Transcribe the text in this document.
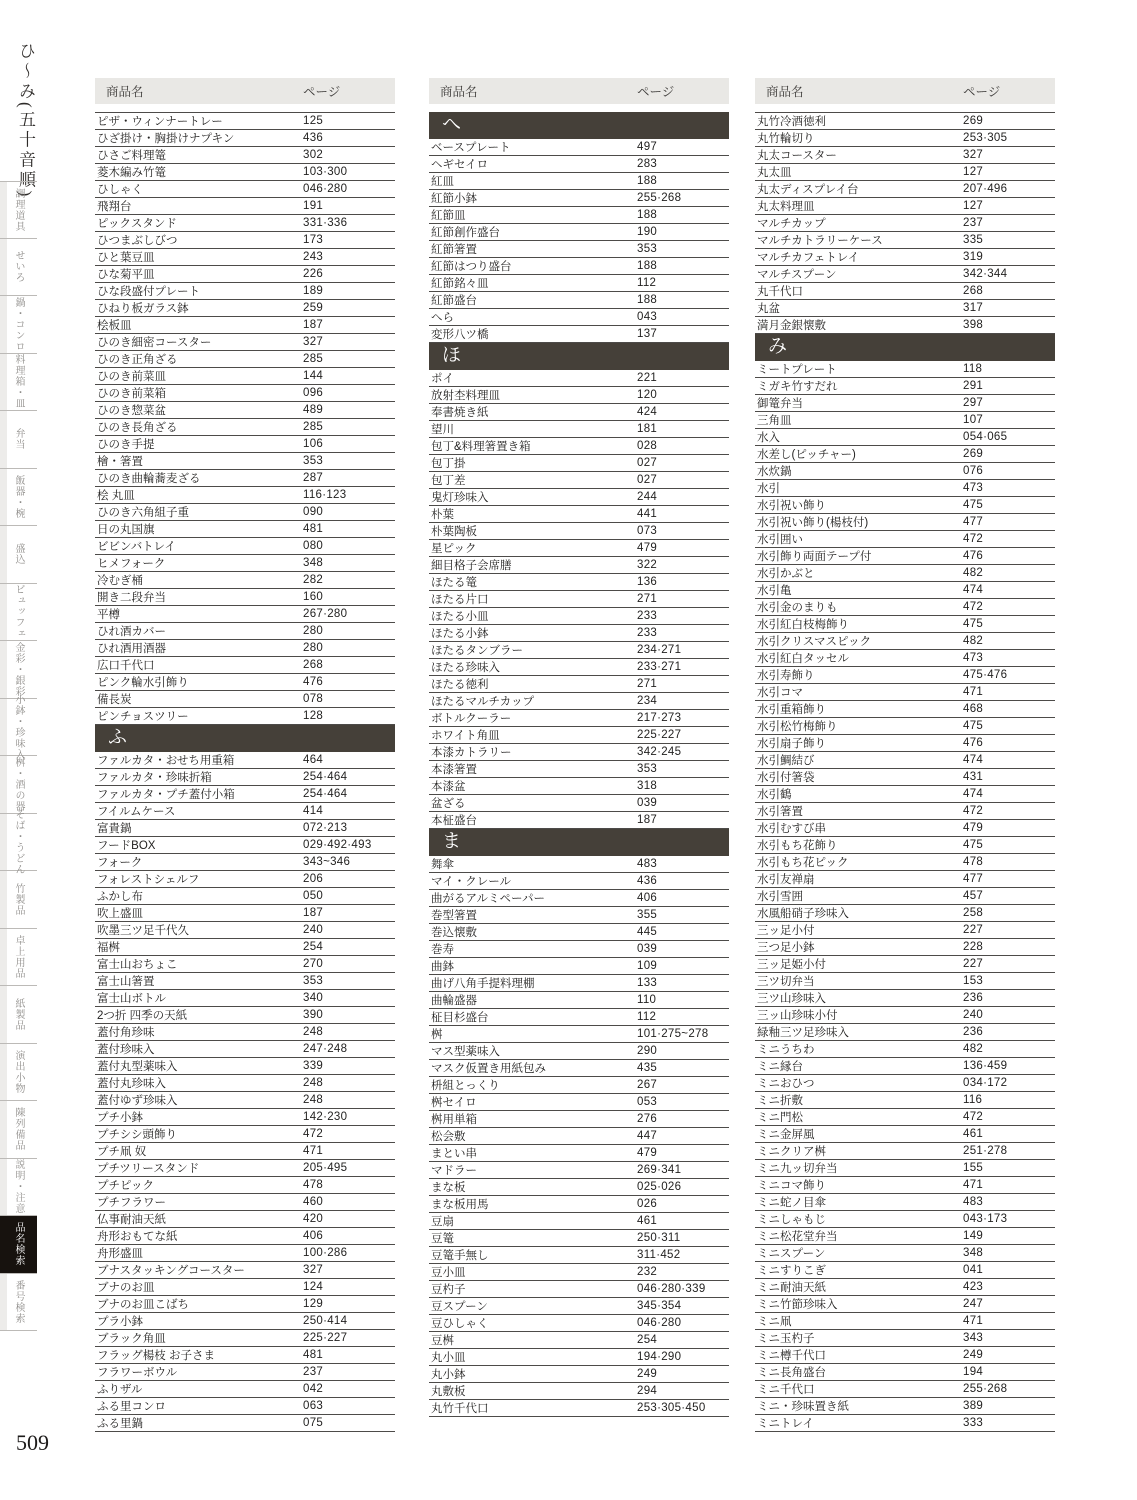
ひ〜み(五十音順)
調理道具
せいろ
鍋・コンロ
料理箱・皿
弁当
飯器・椀
盛込
ビュッフェ
金彩・銀彩
小鉢・珍味入
桝・酒の器
そば・うどん
竹製品
卓上用品
紙製品
演出小物
陳列備品
説明・注意
品名検索
番号検索
509
商品名	ページ
ピザ・ウィンナートレー	125
ひざ掛け・胸掛けナプキン	436
ひさご料理篭	302
菱木編み竹篭	103·300
ひしゃく	046·280
飛翔台	191
ピックスタンド	331·336
ひつまぶしびつ	173
ひと葉豆皿	243
ひな菊平皿	226
ひな段盛付プレート	189
ひねり板ガラス鉢	259
桧板皿	187
ひのき細密コースター	327
ひのき正角ざる	285
ひのき前菜皿	144
ひのき前菜箱	096
ひのき惣菜盆	489
ひのき長角ざる	285
ひのき手提	106
檜・箸置	353
ひのき曲輪蕎麦ざる	287
桧 丸皿	116·123
ひのき六角組子重	090
日の丸国旗	481
ビビンバトレイ	080
ヒメフォーク	348
冷むぎ桶	282
開き二段弁当	160
平樽	267·280
ひれ酒カバー	280
ひれ酒用酒器	280
広口千代口	268
ピンク輪水引飾り	476
備長炭	078
ピンチョスツリー	128
ふ
ファルカタ・おせち用重箱	464
ファルカタ・珍味折箱	254·464
ファルカタ・プチ蓋付小箱	254·464
フイルムケース	414
富貴鍋	072·213
フードBOX	029·492·493
フォーク	343~346
フォレストシェルフ	206
ふかし布	050
吹上盛皿	187
吹墨三ツ足千代久	240
福桝	254
富士山おちょこ	270
富士山箸置	353
富士山ボトル	340
2つ折 四季の天紙	390
蓋付角珍味	248
蓋付珍味入	247·248
蓋付丸型薬味入	339
蓋付丸珍味入	248
蓋付ゆず珍味入	248
プチ小鉢	142·230
プチシシ頭飾り	472
プチ凧 奴	471
プチツリースタンド	205·495
プチピック	478
プチフラワー	460
仏事耐油天紙	420
舟形おもてな紙	406
舟形盛皿	100·286
ブナスタッキングコースター	327
ブナのお皿	124
ブナのお皿こばち	129
プラ小鉢	250·414
ブラック角皿	225·227
フラッグ楊枝 お子さま	481
フラワーボウル	237
ふりザル	042
ふる里コンロ	063
ふる里鍋	075
商品名	ページ
へ
ベースプレート	497
ヘギセイロ	283
紅皿	188
紅節小鉢	255·268
紅節皿	188
紅節創作盛台	190
紅節箸置	353
紅節はつり盛台	188
紅節銘々皿	112
紅節盛台	188
へら	043
変形八ツ橋	137
ほ
ポイ	221
放射杢料理皿	120
奉書焼き紙	424
望川	181
包丁&料理箸置き箱	028
包丁掛	027
包丁差	027
鬼灯珍味入	244
朴葉	441
朴葉陶板	073
星ピック	479
細目格子会席膳	322
ほたる篭	136
ほたる片口	271
ほたる小皿	233
ほたる小鉢	233
ほたるタンブラー	234·271
ほたる珍味入	233·271
ほたる徳利	271
ほたるマルチカップ	234
ボトルクーラー	217·273
ホワイト角皿	225·227
本漆カトラリー	342·245
本漆箸置	353
本漆盆	318
盆ざる	039
本柾盛台	187
ま
舞傘	483
マイ・クレール	436
曲がるアルミペーパー	406
巻型箸置	355
巻込懐敷	445
巻寿	039
曲鉢	109
曲げ八角手提料理棚	133
曲輪盛器	110
柾目杉盛台	112
桝	101·275~278
マス型薬味入	290
マスク仮置き用紙包み	435
枡組とっくり	267
桝セイロ	053
桝用単箱	276
松会敷	447
まとい串	479
マドラー	269·341
まな板	025·026
まな板用馬	026
豆扇	461
豆篭	250·311
豆篭手無し	311·452
豆小皿	232
豆杓子	046·280·339
豆スプーン	345·354
豆ひしゃく	046·280
豆桝	254
丸小皿	194·290
丸小鉢	249
丸敷板	294
丸竹千代口	253·305·450
商品名	ページ
丸竹冷酒徳利	269
丸竹輪切り	253·305
丸太コースター	327
丸太皿	127
丸太ディスプレイ台	207·496
丸太料理皿	127
マルチカップ	237
マルチカトラリーケース	335
マルチカフェトレイ	319
マルチスプーン	342·344
丸千代口	268
丸盆	317
満月金銀懐敷	398
み
ミートプレート	118
ミガキ竹すだれ	291
御篭弁当	297
三角皿	107
水入	054·065
水差し(ピッチャー)	269
水炊鍋	076
水引	473
水引祝い飾り	475
水引祝い飾り(楊枝付)	477
水引囲い	472
水引飾り両面テープ付	476
水引かぶと	482
水引亀	474
水引金のまりも	472
水引紅白枝梅飾り	475
水引クリスマスピック	482
水引紅白タッセル	473
水引寿飾り	475·476
水引コマ	471
水引重箱飾り	468
水引松竹梅飾り	475
水引扇子飾り	476
水引鯛結び	474
水引付箸袋	431
水引鶴	474
水引箸置	472
水引むすび串	479
水引もち花飾り	475
水引もち花ピック	478
水引友禅扇	477
水引雪囲	457
水風船硝子珍味入	258
三ッ足小付	227
三つ足小鉢	228
三ッ足姫小付	227
三ツ切弁当	153
三ツ山珍味入	236
三ッ山珍味小付	240
緑釉三ツ足珍味入	236
ミニうちわ	482
ミニ縁台	136·459
ミニおひつ	034·172
ミニ折敷	116
ミニ門松	472
ミニ金屏風	461
ミニクリア桝	251·278
ミニ九ッ切弁当	155
ミニコマ飾り	471
ミニ蛇ノ目傘	483
ミニしゃもじ	043·173
ミニ松花堂弁当	149
ミニスプーン	348
ミニすりこぎ	041
ミニ耐油天紙	423
ミニ竹節珍味入	247
ミニ凧	471
ミニ玉杓子	343
ミニ樽千代口	249
ミニ長角盛台	194
ミニ千代口	255·268
ミニ・珍味置き紙	389
ミニトレイ	333
